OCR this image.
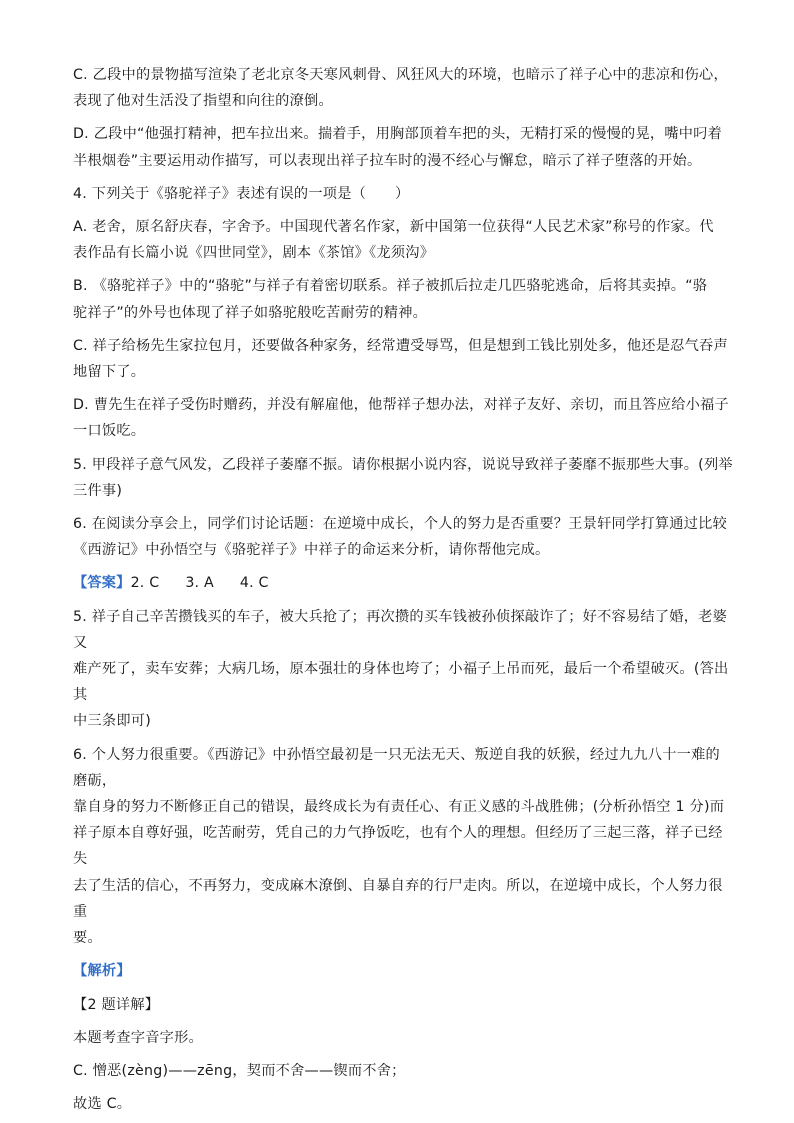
C. 乙段中的景物描写渲染了老北京冬天寒风刺骨、风狂风大的环境，也暗示了祥子心中的悲凉和伤心，

表现了他对生活没了指望和向往的潦倒。

D. 乙段中“他强打精神，把车拉出来。揣着手，用胸部顶着车把的头，无精打采的慢慢的晃，嘴中叼着

半根烟卷”主要运用动作描写，可以表现出祥子拉车时的漫不经心与懈怠，暗示了祥子堕落的开始。

4. 下列关于《骆驼祥子》表述有误的一项是（　　）

A. 老舍，原名舒庆春，字舍予。中国现代著名作家，新中国第一位获得“人民艺术家”称号的作家。代

表作品有长篇小说《四世同堂》，剧本《茶馆》《龙须沟》

B. 《骆驼祥子》中的“骆驼”与祥子有着密切联系。祥子被抓后拉走几匹骆驼逃命，后将其卖掉。“骆

驼祥子”的外号也体现了祥子如骆驼般吃苦耐劳的精神。

C. 祥子给杨先生家拉包月，还要做各种家务，经常遭受辱骂，但是想到工钱比别处多，他还是忍气吞声

地留下了。

D. 曹先生在祥子受伤时赠药，并没有解雇他，他帮祥子想办法，对祥子友好、亲切，而且答应给小福子

一口饭吃。

5. 甲段祥子意气风发，乙段祥子萎靡不振。请你根据小说内容，说说导致祥子萎靡不振那些大事。(列举

三件事)

6. 在阅读分享会上，同学们讨论话题：在逆境中成长，个人的努力是否重要？王景轩同学打算通过比较

《西游记》中孙悟空与《骆驼祥子》中祥子的命运来分析，请你帮他完成。

【答案】2. C 3. A 4. C

5. 祥子自己辛苦攒钱买的车子，被大兵抢了；再次攒的买车钱被孙侦探敲诈了；好不容易结了婚，老婆又

难产死了，卖车安葬；大病几场，原本强壮的身体也垮了；小福子上吊而死，最后一个希望破灭。(答出其

中三条即可)

6. 个人努力很重要。《西游记》中孙悟空最初是一只无法无天、叛逆自我的妖猴，经过九九八十一难的磨砺，

靠自身的努力不断修正自己的错误，最终成长为有责任心、有正义感的斗战胜佛；(分析孙悟空 1 分)而

祥子原本自尊好强，吃苦耐劳，凭自己的力气挣饭吃，也有个人的理想。但经历了三起三落，祥子已经失

去了生活的信心，不再努力，变成麻木潦倒、自暴自弃的行尸走肉。所以，在逆境中成长，个人努力很重

要。

【解析】

【2 题详解】

本题考查字音字形。

C. 憎恶(zèng)——zēng，契而不舍——锲而不舍；

故选 C。
